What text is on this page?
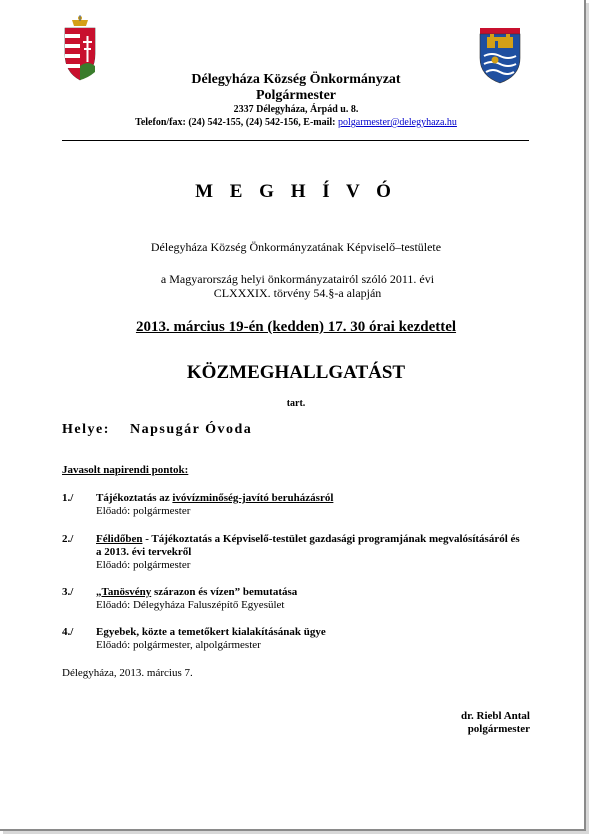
Délegyháza Község Önkormányzat
Polgármester
2337 Délegyháza, Árpád u. 8.
Telefon/fax: (24) 542-155, (24) 542-156, E-mail: polgarmester@delegyhaza.hu
M E G H Í V Ó
Délegyháza Község Önkormányzatának Képviselő–testülete
a Magyarország helyi önkormányzatairól szóló 2011. évi CLXXXIX. törvény 54.§-a alapján
2013. március 19-én (kedden) 17. 30 órai kezdettel
KÖZMEGHALLGATÁST
tart.
Helye: Napsugár Óvoda
Javasolt napirendi pontok:
1./ Tájékoztatás az ivóvízminőség-javító beruházásról
Előadó: polgármester
2./ Félidőben - Tájékoztatás a Képviselő-testület gazdasági programjának megvalósításáról és a 2013. évi tervekről
Előadó: polgármester
3./ „Tanösvény szárazon és vízen” bemutatása
Előadó: Délegyháza Faluszépítő Egyesület
4./ Egyebek, közte a temetőkert kialakításának ügye
Előadó: polgármester, alpolgármester
Délegyháza, 2013. március 7.
dr. Riebl Antal
polgármester
